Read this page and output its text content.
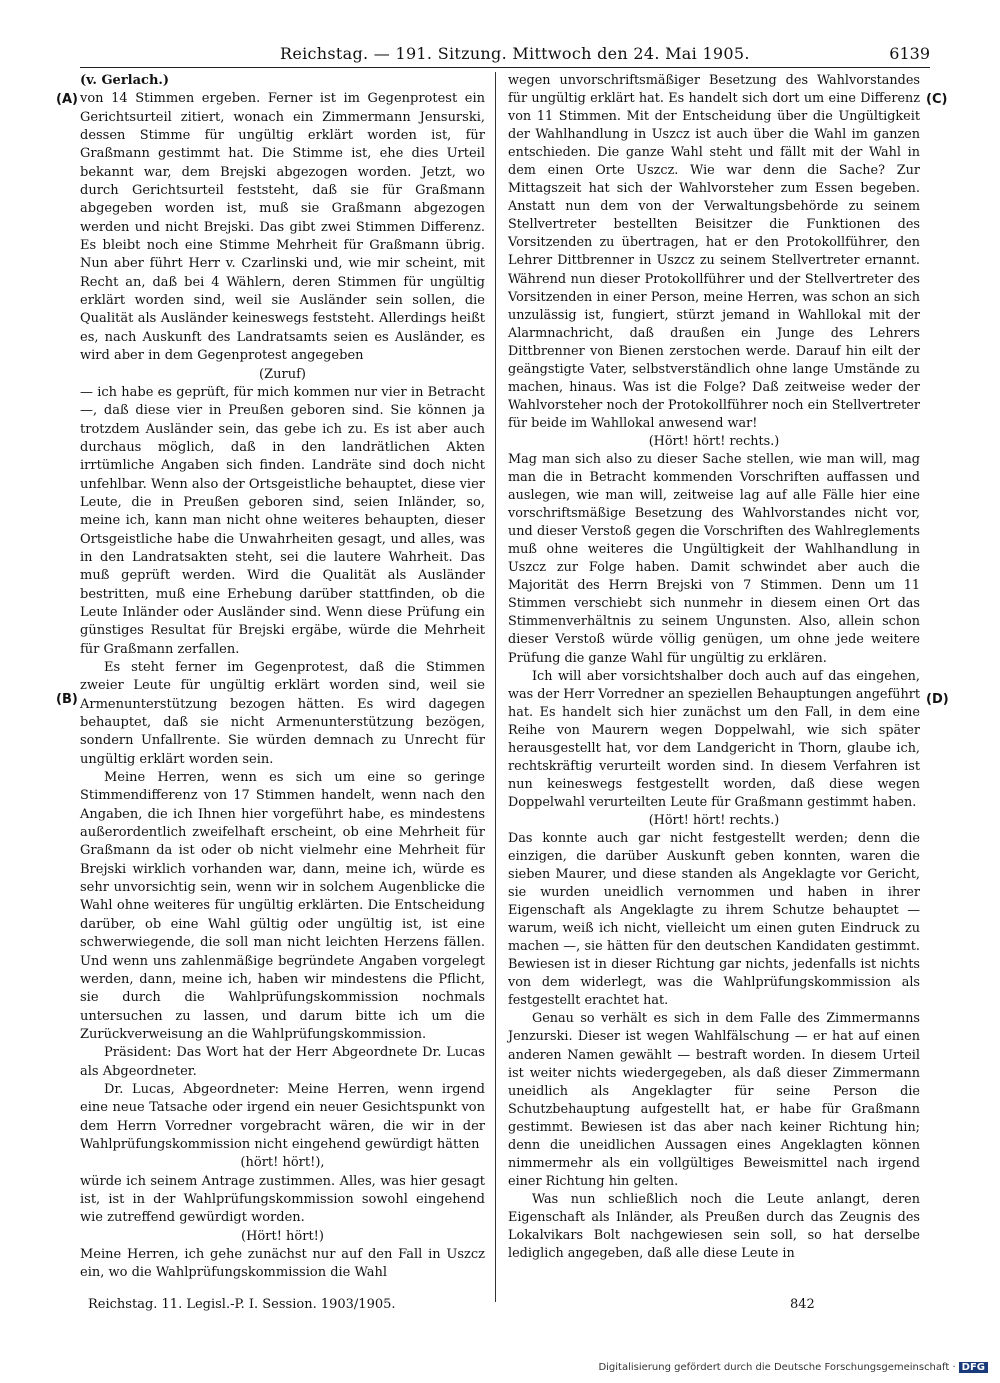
Reichstag. — 191. Sitzung. Mittwoch den 24. Mai 1905.	6139

(v. Gerlach.)

von 14 Stimmen ergeben. Ferner ist im Gegenprotest ein Gerichtsurteil zitiert, wonach ein Zimmermann Jensurski, dessen Stimme für ungültig erklärt worden ist, für Graßmann gestimmt hat. Die Stimme ist, ehe dies Urteil bekannt war, dem Brejski abgezogen worden. Jetzt, wo durch Gerichtsurteil feststeht, daß sie für Graßmann abgegeben worden ist, muß sie Graßmann abgezogen werden und nicht Brejski. Das gibt zwei Stimmen Differenz. Es bleibt noch eine Stimme Mehrheit für Graßmann übrig. Nun aber führt Herr v. Czarlinski und, wie mir scheint, mit Recht an, daß bei 4 Wählern, deren Stimmen für ungültig erklärt worden sind, weil sie Ausländer sein sollen, die Qualität als Ausländer keineswegs feststeht. Allerdings heißt es, nach Auskunft des Landratsamts seien es Ausländer, es wird aber in dem Gegenprotest angegeben

(Zuruf)

— ich habe es geprüft, für mich kommen nur vier in Betracht —, daß diese vier in Preußen geboren sind. Sie können ja trotzdem Ausländer sein, das gebe ich zu. Es ist aber auch durchaus möglich, daß in den landrätlichen Akten irrtümliche Angaben sich finden. Landräte sind doch nicht unfehlbar. Wenn also der Ortsgeistliche behauptet, diese vier Leute, die in Preußen geboren sind, seien Inländer, so, meine ich, kann man nicht ohne weiteres behaupten, dieser Ortsgeistliche habe die Unwahrheiten gesagt, und alles, was in den Landratsakten steht, sei die lautere Wahrheit. Das muß geprüft werden. Wird die Qualität als Ausländer bestritten, muß eine Erhebung darüber stattfinden, ob die Leute Inländer oder Ausländer sind. Wenn diese Prüfung ein günstiges Resultat für Brejski ergäbe, würde die Mehrheit für Graßmann zerfallen.

Es steht ferner im Gegenprotest, daß die Stimmen zweier Leute für ungültig erklärt worden sind, weil sie Armenunterstützung bezogen hätten. Es wird dagegen behauptet, daß sie nicht Armenunterstützung bezögen, sondern Unfallrente. Sie würden demnach zu Unrecht für ungültig erklärt worden sein.

Meine Herren, wenn es sich um eine so geringe Stimmendifferenz von 17 Stimmen handelt, wenn nach den Angaben, die ich Ihnen hier vorgeführt habe, es mindestens außerordentlich zweifelhaft erscheint, ob eine Mehrheit für Graßmann da ist oder ob nicht vielmehr eine Mehrheit für Brejski wirklich vorhanden war, dann, meine ich, würde es sehr unvorsichtig sein, wenn wir in solchem Augenblicke die Wahl ohne weiteres für ungültig erklärten. Die Entscheidung darüber, ob eine Wahl gültig oder ungültig ist, ist eine schwerwiegende, die soll man nicht leichten Herzens fällen. Und wenn uns zahlenmäßige begründete Angaben vorgelegt werden, dann, meine ich, haben wir mindestens die Pflicht, sie durch die Wahlprüfungskommission nochmals untersuchen zu lassen, und darum bitte ich um die Zurückverweisung an die Wahlprüfungskommission.

Präsident: Das Wort hat der Herr Abgeordnete Dr. Lucas als Abgeordneter.

Dr. Lucas, Abgeordneter: Meine Herren, wenn irgend eine neue Tatsache oder irgend ein neuer Gesichtspunkt von dem Herrn Vorredner vorgebracht wären, die wir in der Wahlprüfungskommission nicht eingehend gewürdigt hätten

(hört! hört!),

würde ich seinem Antrage zustimmen. Alles, was hier gesagt ist, ist in der Wahlprüfungskommission sowohl eingehend wie zutreffend gewürdigt worden.

(Hört! hört!)

Meine Herren, ich gehe zunächst nur auf den Fall in Uszcz ein, wo die Wahlprüfungskommission die Wahl

wegen unvorschriftsmäßiger Besetzung des Wahlvorstandes für ungültig erklärt hat. Es handelt sich dort um eine Differenz von 11 Stimmen. Mit der Entscheidung über die Ungültigkeit der Wahlhandlung in Uszcz ist auch über die Wahl im ganzen entschieden. Die ganze Wahl steht und fällt mit der Wahl in dem einen Orte Uszcz. Wie war denn die Sache? Zur Mittagszeit hat sich der Wahlvorsteher zum Essen begeben. Anstatt nun dem von der Verwaltungsbehörde zu seinem Stellvertreter bestellten Beisitzer die Funktionen des Vorsitzenden zu übertragen, hat er den Protokollführer, den Lehrer Dittbrenner in Uszcz zu seinem Stellvertreter ernannt. Während nun dieser Protokollführer und der Stellvertreter des Vorsitzenden in einer Person, meine Herren, was schon an sich unzulässig ist, fungiert, stürzt jemand in Wahllokal mit der Alarmnachricht, daß draußen ein Junge des Lehrers Dittbrenner von Bienen zerstochen werde. Darauf hin eilt der geängstigte Vater, selbstverständlich ohne lange Umstände zu machen, hinaus. Was ist die Folge? Daß zeitweise weder der Wahlvorsteher noch der Protokollführer noch ein Stellvertreter für beide im Wahllokal anwesend war!

(Hört! hört! rechts.)

Mag man sich also zu dieser Sache stellen, wie man will, mag man die in Betracht kommenden Vorschriften auffassen und auslegen, wie man will, zeitweise lag auf alle Fälle hier eine vorschriftsmäßige Besetzung des Wahlvorstandes nicht vor, und dieser Verstoß gegen die Vorschriften des Wahlreglements muß ohne weiteres die Ungültigkeit der Wahlhandlung in Uszcz zur Folge haben. Damit schwindet aber auch die Majorität des Herrn Brejski von 7 Stimmen. Denn um 11 Stimmen verschiebt sich nunmehr in diesem einen Ort das Stimmenverhältnis zu seinem Ungunsten. Also, allein schon dieser Verstoß würde völlig genügen, um ohne jede weitere Prüfung die ganze Wahl für ungültig zu erklären.

Ich will aber vorsichtshalber doch auch auf das eingehen, was der Herr Vorredner an speziellen Behauptungen angeführt hat. Es handelt sich hier zunächst um den Fall, in dem eine Reihe von Maurern wegen Doppelwahl, wie sich später herausgestellt hat, vor dem Landgericht in Thorn, glaube ich, rechtskräftig verurteilt worden sind. In diesem Verfahren ist nun keineswegs festgestellt worden, daß diese wegen Doppelwahl verurteilten Leute für Graßmann gestimmt haben.

(Hört! hört! rechts.)

Das konnte auch gar nicht festgestellt werden; denn die einzigen, die darüber Auskunft geben konnten, waren die sieben Maurer, und diese standen als Angeklagte vor Gericht, sie wurden uneidlich vernommen und haben in ihrer Eigenschaft als Angeklagte zu ihrem Schutze behauptet — warum, weiß ich nicht, vielleicht um einen guten Eindruck zu machen —, sie hätten für den deutschen Kandidaten gestimmt. Bewiesen ist in dieser Richtung gar nichts, jedenfalls ist nichts von dem widerlegt, was die Wahlprüfungskommission als festgestellt erachtet hat.

Genau so verhält es sich in dem Falle des Zimmermanns Jenzurski. Dieser ist wegen Wahlfälschung — er hat auf einen anderen Namen gewählt — bestraft worden. In diesem Urteil ist weiter nichts wiedergegeben, als daß dieser Zimmermann uneidlich als Angeklagter für seine Person die Schutzbehauptung aufgestellt hat, er habe für Graßmann gestimmt. Bewiesen ist das aber nach keiner Richtung hin; denn die uneidlichen Aussagen eines Angeklagten können nimmermehr als ein vollgültiges Beweismittel nach irgend einer Richtung hin gelten.

Was nun schließlich noch die Leute anlangt, deren Eigenschaft als Inländer, als Preußen durch das Zeugnis des Lokalvikars Bolt nachgewiesen sein soll, so hat derselbe lediglich angegeben, daß alle diese Leute in

(A)
(B)
(C)
(D)
Reichstag. 11. Legisl.-P. I. Session. 1903/1905.	842
Digitalisierung gefördert durch die Deutsche Forschungsgemeinschaft · DFG
